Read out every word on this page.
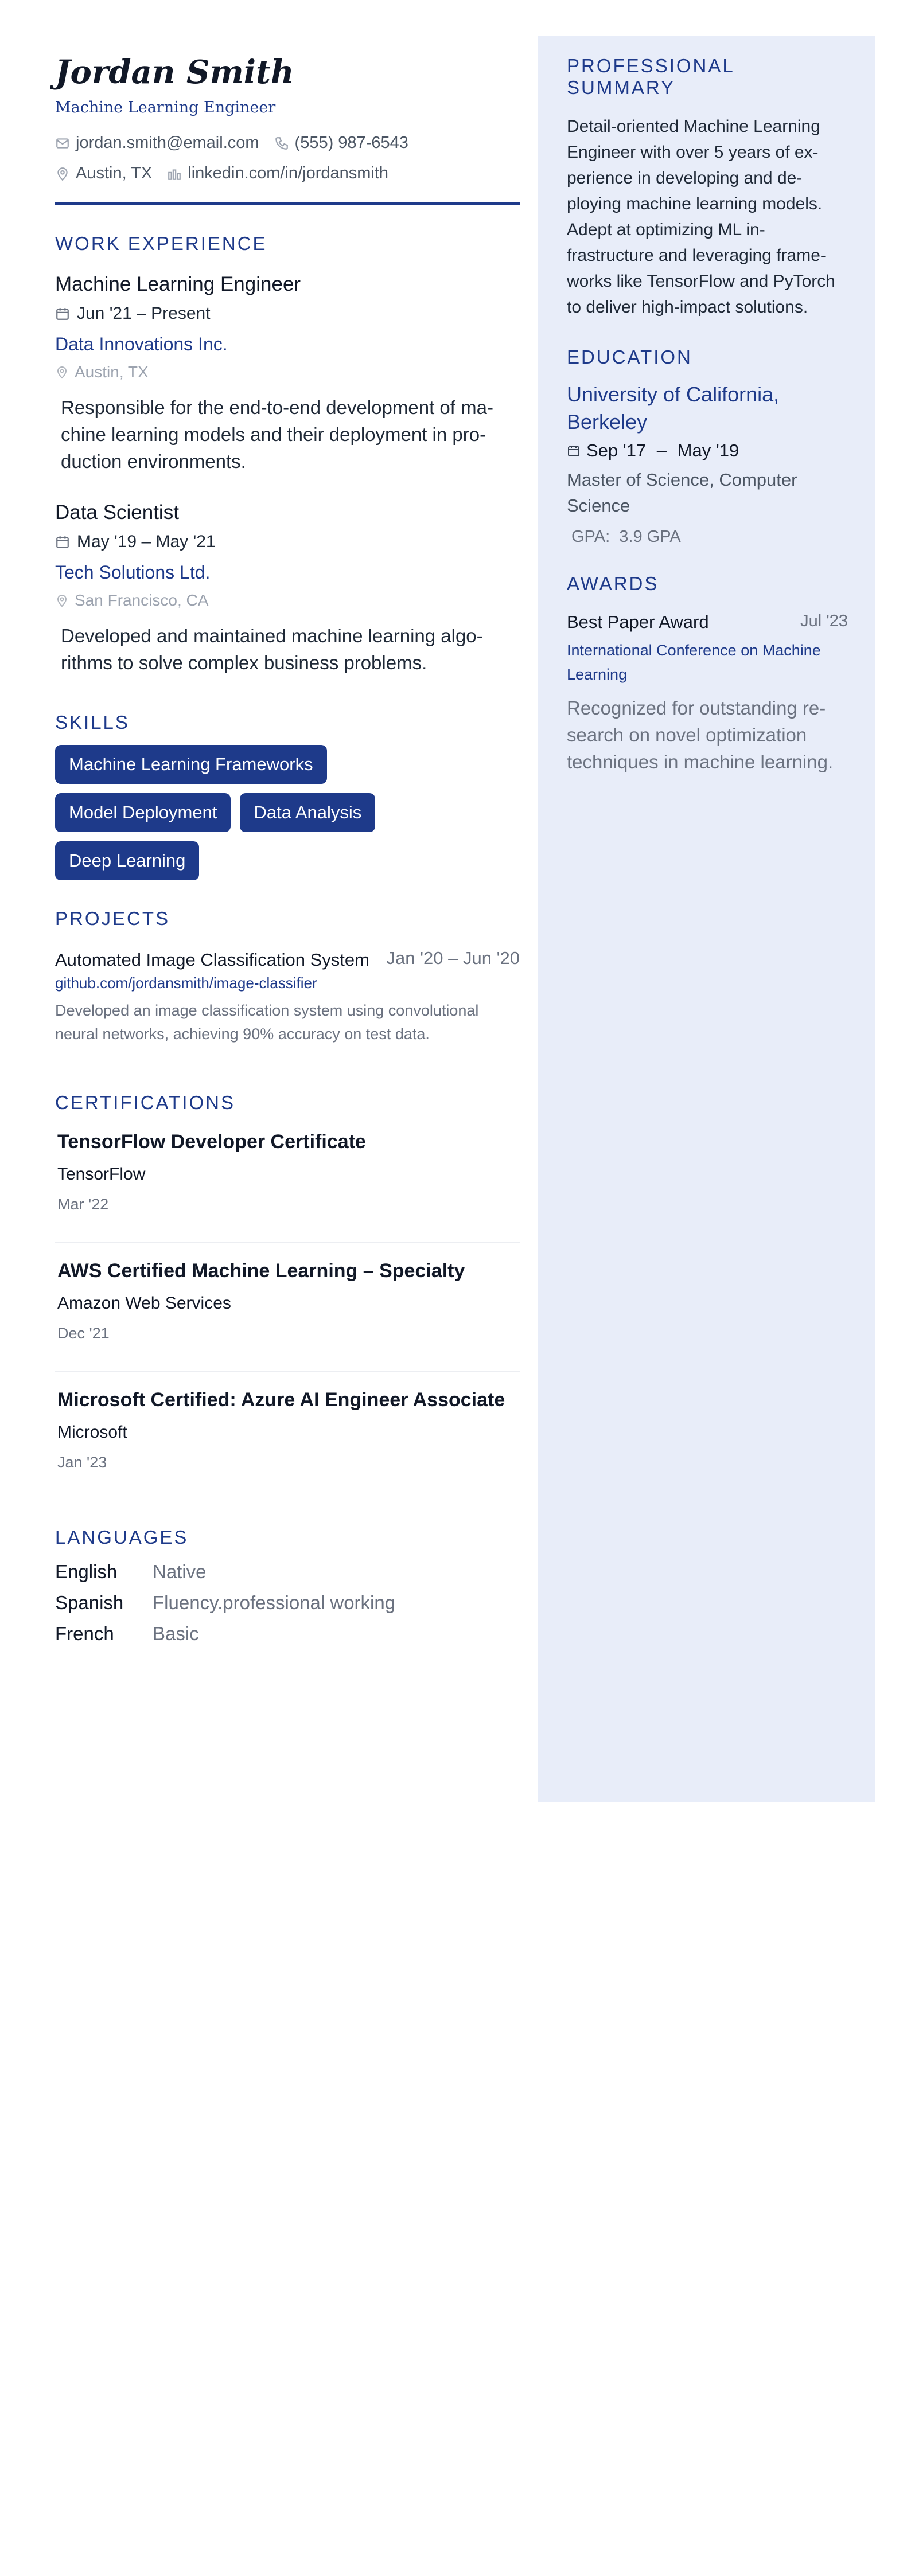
Jordan Smith
Machine Learning Engineer
jordan.smith@email.com (555) 987-6543
Austin, TX linkedin.com/in/jordansmith
WORK EXPERIENCE
Machine Learning Engineer
Jun '21 – Present
Data Innovations Inc.
Austin, TX
Responsible for the end-to-end development of ma-chine learning models and their deployment in pro-duction environments.
Data Scientist
May '19 – May '21
Tech Solutions Ltd.
San Francisco, CA
Developed and maintained machine learning algo-rithms to solve complex business problems.
SKILLS
Machine Learning Frameworks
Model Deployment	Data Analysis
Deep Learning
PROJECTS
Automated Image Classification System Jan '20 – Jun '20
github.com/jordansmith/image-classifier
Developed an image classification system using convolutional neural networks, achieving 90% accuracy on test data.
CERTIFICATIONS
TensorFlow Developer Certificate
TensorFlow
Mar '22
AWS Certified Machine Learning – Specialty
Amazon Web Services
Dec '21
Microsoft Certified: Azure AI Engineer Associate
Microsoft
Jan '23
LANGUAGES
English	Native
Spanish	Fluency.professional working
French	Basic
PROFESSIONAL SUMMARY
Detail-oriented Machine Learning Engineer with over 5 years of ex-perience in developing and de-ploying machine learning models. Adept at optimizing ML in-frastructure and leveraging frame-works like TensorFlow and PyTorch to deliver high-impact solutions.
EDUCATION
University of California, Berkeley
Sep '17 – May '19
Master of Science, Computer Science
GPA: 3.9 GPA
AWARDS
Best Paper Award	Jul '23
International Conference on Machine Learning
Recognized for outstanding re-search on novel optimization techniques in machine learning.
